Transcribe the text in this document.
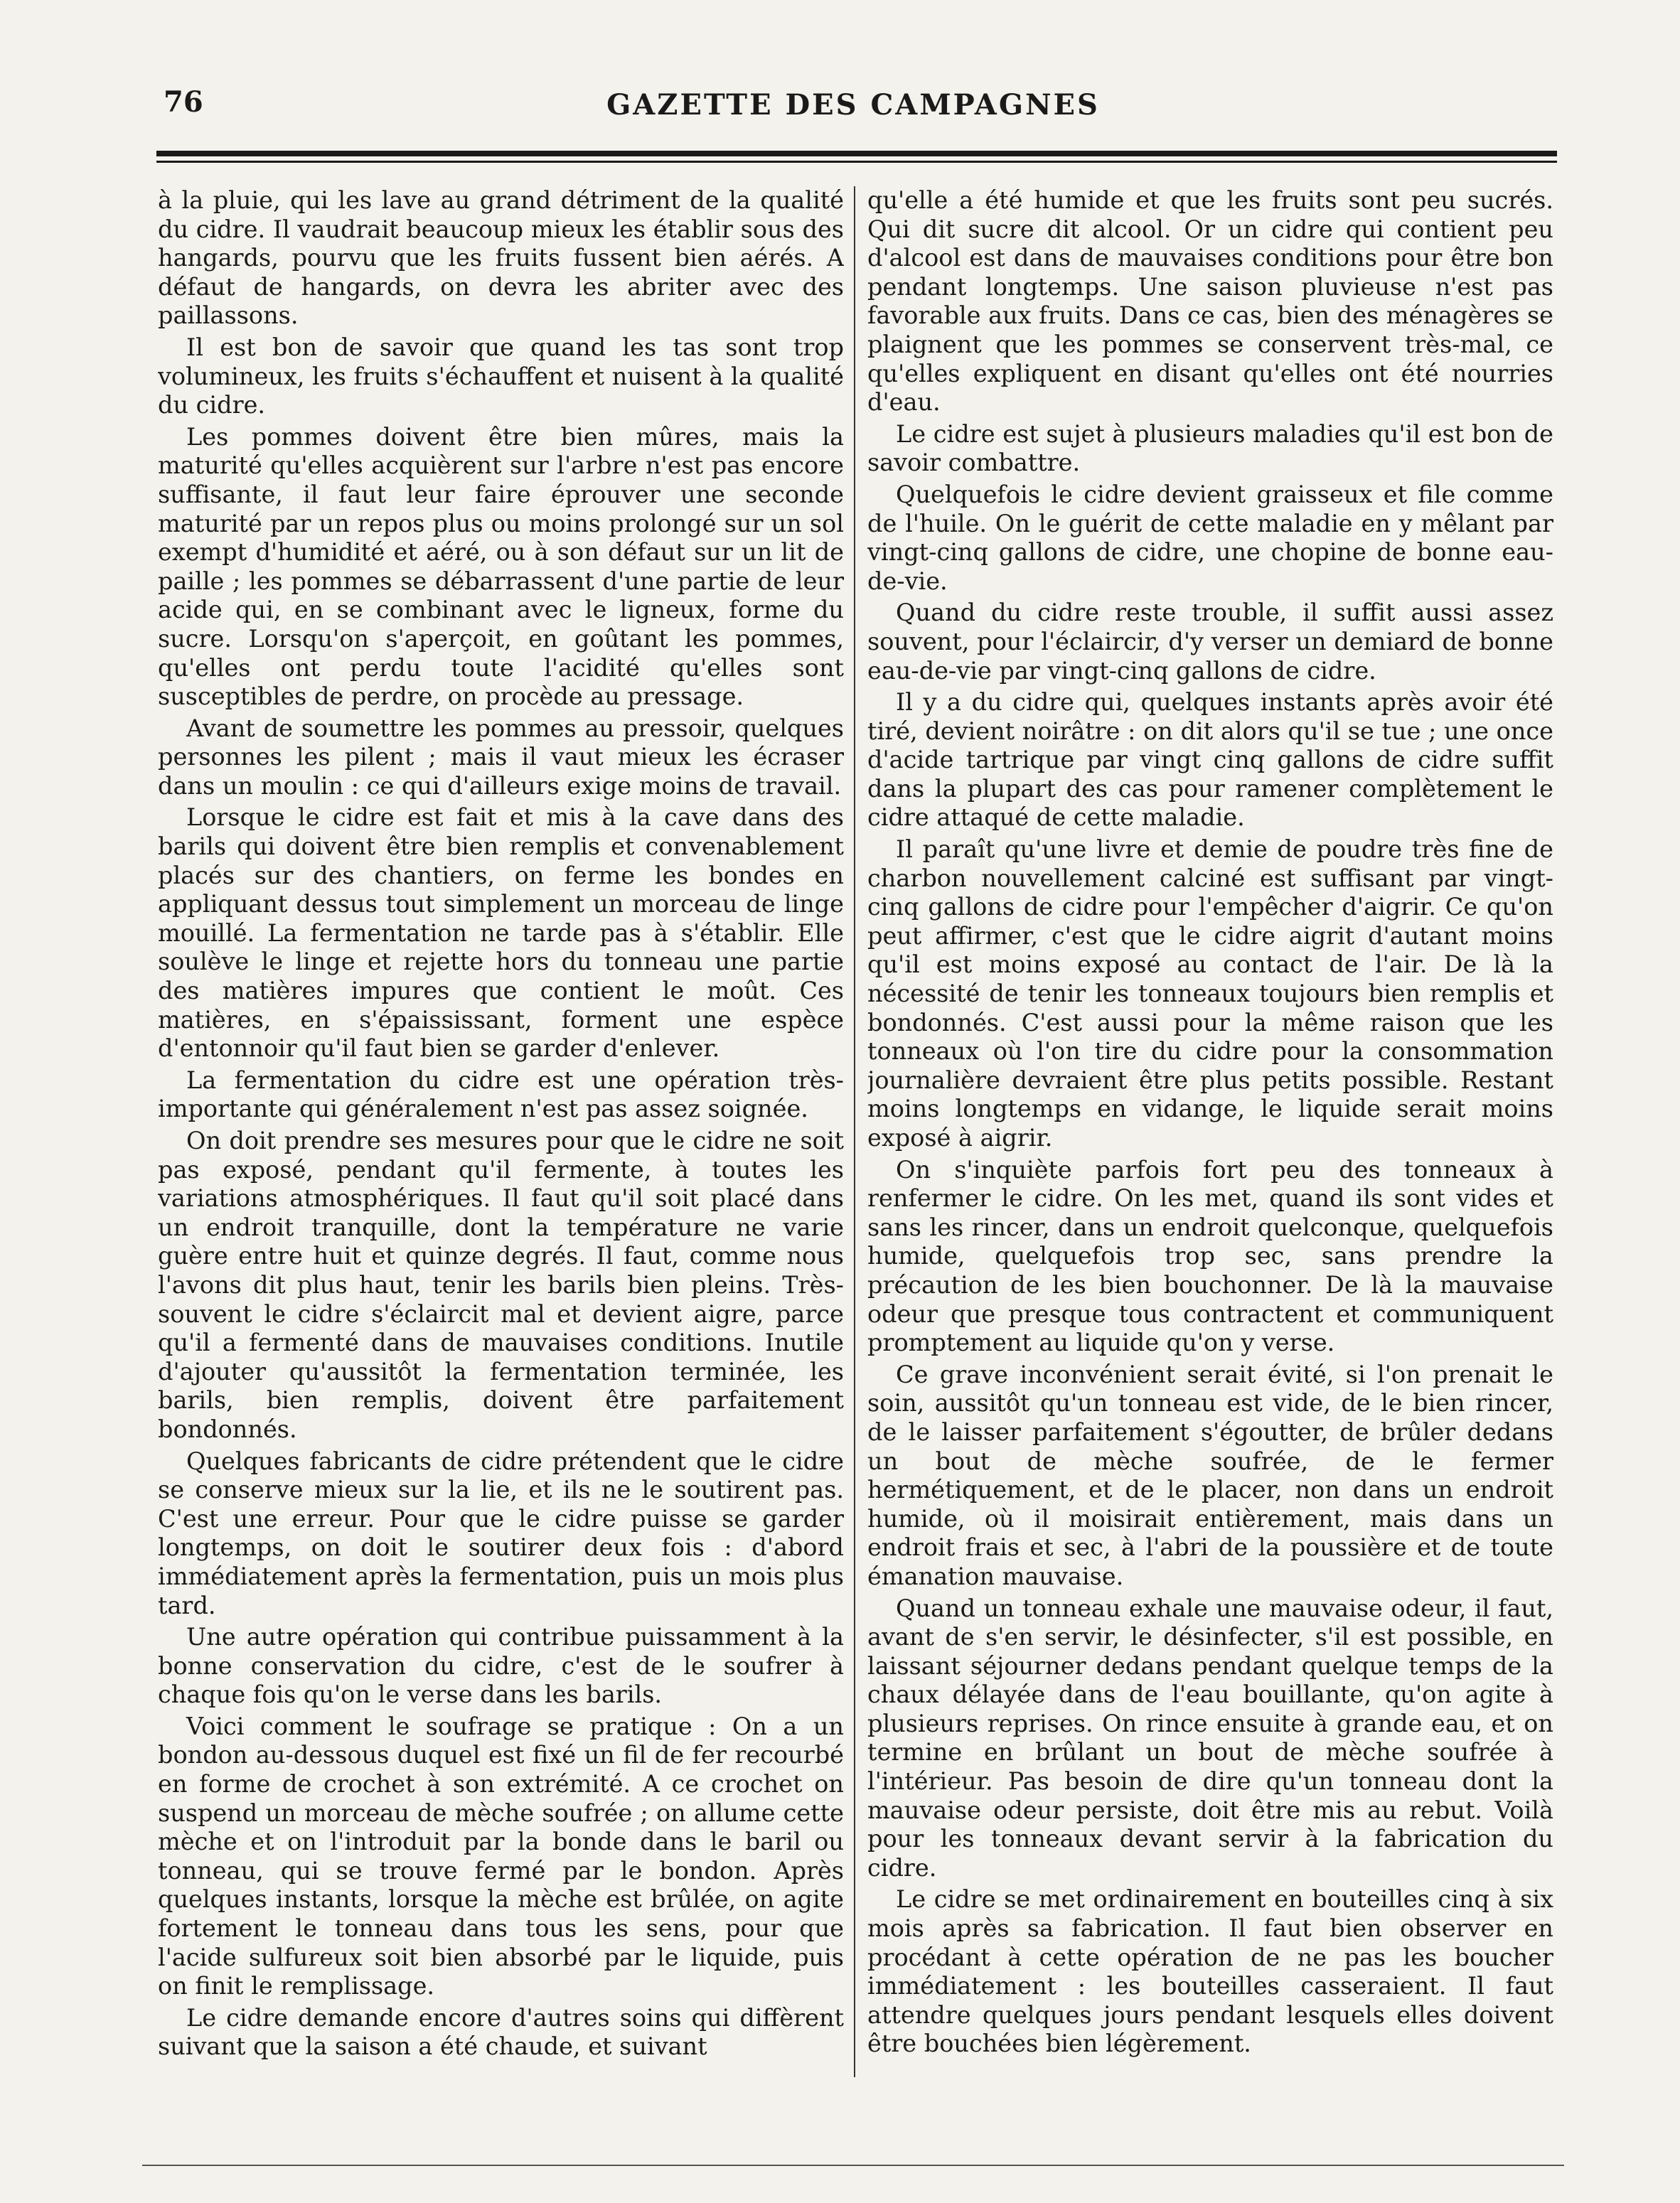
76	GAZETTE DES CAMPAGNES

à la pluie, qui les lave au grand détriment de la qualité du cidre. Il vaudrait beaucoup mieux les établir sous des hangards, pourvu que les fruits fussent bien aérés. A défaut de hangards, on devra les abriter avec des paillassons.

Il est bon de savoir que quand les tas sont trop volumineux, les fruits s'échauffent et nuisent à la qualité du cidre.

Les pommes doivent être bien mûres, mais la maturité qu'elles acquièrent sur l'arbre n'est pas encore suffisante, il faut leur faire éprouver une seconde maturité par un repos plus ou moins prolongé sur un sol exempt d'humidité et aéré, ou à son défaut sur un lit de paille ; les pommes se débarrassent d'une partie de leur acide qui, en se combinant avec le ligneux, forme du sucre. Lorsqu'on s'aperçoit, en goûtant les pommes, qu'elles ont perdu toute l'acidité qu'elles sont susceptibles de perdre, on procède au pressage.

Avant de soumettre les pommes au pressoir, quelques personnes les pilent ; mais il vaut mieux les écraser dans un moulin : ce qui d'ailleurs exige moins de travail.

Lorsque le cidre est fait et mis à la cave dans des barils qui doivent être bien remplis et convenablement placés sur des chantiers, on ferme les bondes en appliquant dessus tout simplement un morceau de linge mouillé. La fermentation ne tarde pas à s'établir. Elle soulève le linge et rejette hors du tonneau une partie des matières impures que contient le moût. Ces matières, en s'épaississant, forment une espèce d'entonnoir qu'il faut bien se garder d'enlever.

La fermentation du cidre est une opération très-importante qui généralement n'est pas assez soignée.

On doit prendre ses mesures pour que le cidre ne soit pas exposé, pendant qu'il fermente, à toutes les variations atmosphériques. Il faut qu'il soit placé dans un endroit tranquille, dont la température ne varie guère entre huit et quinze degrés. Il faut, comme nous l'avons dit plus haut, tenir les barils bien pleins. Très-souvent le cidre s'éclaircit mal et devient aigre, parce qu'il a fermenté dans de mauvaises conditions. Inutile d'ajouter qu'aussitôt la fermentation terminée, les barils, bien remplis, doivent être parfaitement bondonnés.

Quelques fabricants de cidre prétendent que le cidre se conserve mieux sur la lie, et ils ne le soutirent pas. C'est une erreur. Pour que le cidre puisse se garder longtemps, on doit le soutirer deux fois : d'abord immédiatement après la fermentation, puis un mois plus tard.

Une autre opération qui contribue puissamment à la bonne conservation du cidre, c'est de le soufrer à chaque fois qu'on le verse dans les barils.

Voici comment le soufrage se pratique : On a un bondon au-dessous duquel est fixé un fil de fer recourbé en forme de crochet à son extrémité. A ce crochet on suspend un morceau de mèche soufrée ; on allume cette mèche et on l'introduit par la bonde dans le baril ou tonneau, qui se trouve fermé par le bondon. Après quelques instants, lorsque la mèche est brûlée, on agite fortement le tonneau dans tous les sens, pour que l'acide sulfureux soit bien absorbé par le liquide, puis on finit le remplissage.

Le cidre demande encore d'autres soins qui diffèrent suivant que la saison a été chaude, et suivant

qu'elle a été humide et que les fruits sont peu sucrés. Qui dit sucre dit alcool. Or un cidre qui contient peu d'alcool est dans de mauvaises conditions pour être bon pendant longtemps. Une saison pluvieuse n'est pas favorable aux fruits. Dans ce cas, bien des ménagères se plaignent que les pommes se conservent très-mal, ce qu'elles expliquent en disant qu'elles ont été nourries d'eau.

Le cidre est sujet à plusieurs maladies qu'il est bon de savoir combattre.

Quelquefois le cidre devient graisseux et file comme de l'huile. On le guérit de cette maladie en y mêlant par vingt-cinq gallons de cidre, une chopine de bonne eau-de-vie.

Quand du cidre reste trouble, il suffit aussi assez souvent, pour l'éclaircir, d'y verser un demiard de bonne eau-de-vie par vingt-cinq gallons de cidre.

Il y a du cidre qui, quelques instants après avoir été tiré, devient noirâtre : on dit alors qu'il se tue ; une once d'acide tartrique par vingt cinq gallons de cidre suffit dans la plupart des cas pour ramener complètement le cidre attaqué de cette maladie.

Il paraît qu'une livre et demie de poudre très fine de charbon nouvellement calciné est suffisant par vingt-cinq gallons de cidre pour l'empêcher d'aigrir. Ce qu'on peut affirmer, c'est que le cidre aigrit d'autant moins qu'il est moins exposé au contact de l'air. De là la nécessité de tenir les tonneaux toujours bien remplis et bondonnés. C'est aussi pour la même raison que les tonneaux où l'on tire du cidre pour la consommation journalière devraient être plus petits possible. Restant moins longtemps en vidange, le liquide serait moins exposé à aigrir.

On s'inquiète parfois fort peu des tonneaux à renfermer le cidre. On les met, quand ils sont vides et sans les rincer, dans un endroit quelconque, quelquefois humide, quelquefois trop sec, sans prendre la précaution de les bien bouchonner. De là la mauvaise odeur que presque tous contractent et communiquent promptement au liquide qu'on y verse.

Ce grave inconvénient serait évité, si l'on prenait le soin, aussitôt qu'un tonneau est vide, de le bien rincer, de le laisser parfaitement s'égoutter, de brûler dedans un bout de mèche soufrée, de le fermer hermétiquement, et de le placer, non dans un endroit humide, où il moisirait entièrement, mais dans un endroit frais et sec, à l'abri de la poussière et de toute émanation mauvaise.

Quand un tonneau exhale une mauvaise odeur, il faut, avant de s'en servir, le désinfecter, s'il est possible, en laissant séjourner dedans pendant quelque temps de la chaux délayée dans de l'eau bouillante, qu'on agite à plusieurs reprises. On rince ensuite à grande eau, et on termine en brûlant un bout de mèche soufrée à l'intérieur. Pas besoin de dire qu'un tonneau dont la mauvaise odeur persiste, doit être mis au rebut. Voilà pour les tonneaux devant servir à la fabrication du cidre.

Le cidre se met ordinairement en bouteilles cinq à six mois après sa fabrication. Il faut bien observer en procédant à cette opération de ne pas les boucher immédiatement : les bouteilles casseraient. Il faut attendre quelques jours pendant lesquels elles doivent être bouchées bien légèrement.
